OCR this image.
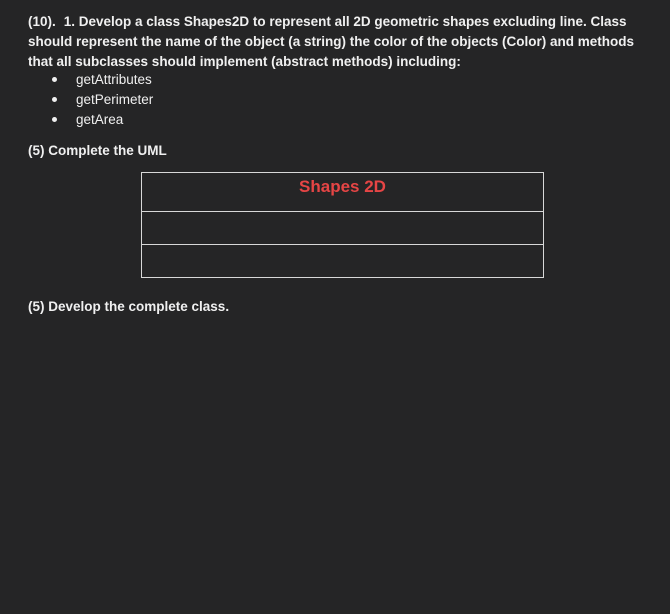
(10). 1. Develop a class Shapes2D to represent all 2D geometric shapes excluding line. Class should represent the name of the object (a string) the color of the objects (Color) and methods that all subclasses should implement (abstract methods) including:
getAttributes
getPerimeter
getArea
(5) Complete the UML
Shapes 2D
(5) Develop the complete class.
